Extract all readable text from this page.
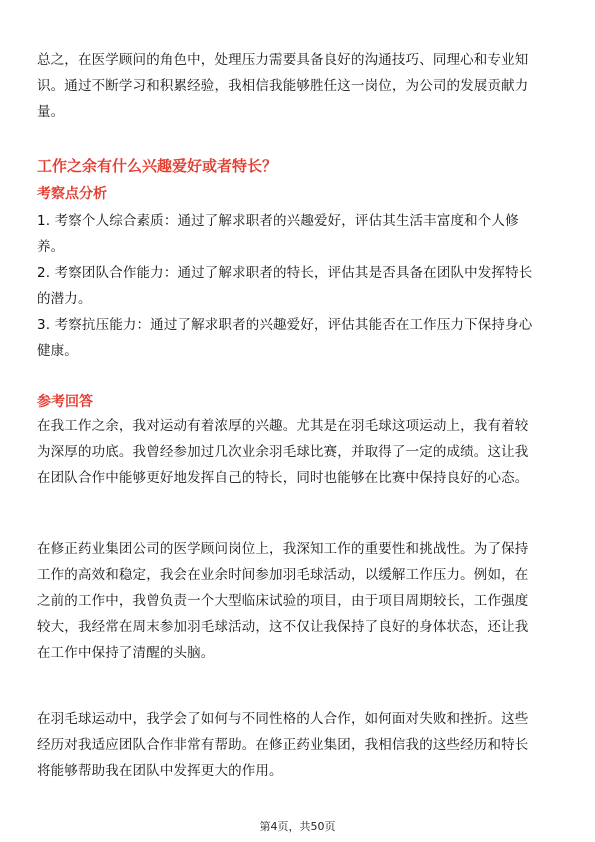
总之，在医学顾问的角色中，处理压力需要具备良好的沟通技巧、同理心和专业知
识。通过不断学习和积累经验，我相信我能够胜任这一岗位，为公司的发展贡献力
量。
工作之余有什么兴趣爱好或者特长？
考察点分析
1. 考察个人综合素质：通过了解求职者的兴趣爱好，评估其生活丰富度和个人修
养。
2. 考察团队合作能力：通过了解求职者的特长，评估其是否具备在团队中发挥特长
的潜力。
3. 考察抗压能力：通过了解求职者的兴趣爱好，评估其能否在工作压力下保持身心
健康。
参考回答
在我工作之余，我对运动有着浓厚的兴趣。尤其是在羽毛球这项运动上，我有着较
为深厚的功底。我曾经参加过几次业余羽毛球比赛，并取得了一定的成绩。这让我
在团队合作中能够更好地发挥自己的特长，同时也能够在比赛中保持良好的心态。
在修正药业集团公司的医学顾问岗位上，我深知工作的重要性和挑战性。为了保持
工作的高效和稳定，我会在业余时间参加羽毛球活动，以缓解工作压力。例如，在
之前的工作中，我曾负责一个大型临床试验的项目，由于项目周期较长，工作强度
较大，我经常在周末参加羽毛球活动，这不仅让我保持了良好的身体状态，还让我
在工作中保持了清醒的头脑。
在羽毛球运动中，我学会了如何与不同性格的人合作，如何面对失败和挫折。这些
经历对我适应团队合作非常有帮助。在修正药业集团，我相信我的这些经历和特长
将能够帮助我在团队中发挥更大的作用。
第4页，共50页
